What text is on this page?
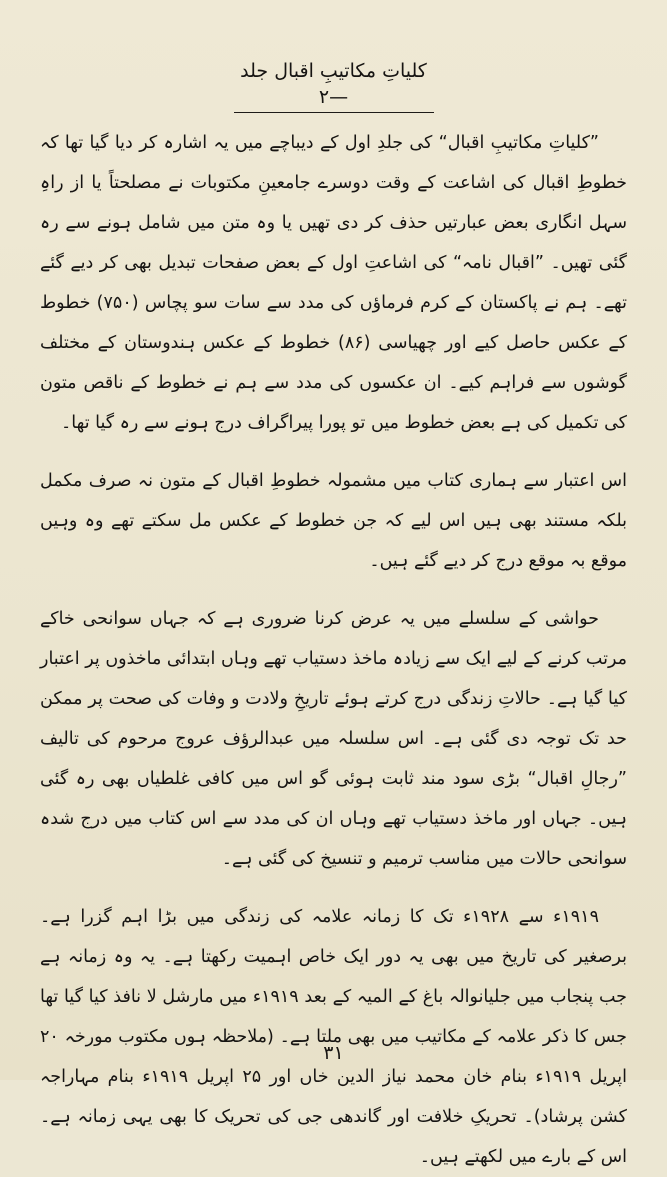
کلیاتِ مکاتیبِ اقبال جلد—۲

”کلیاتِ مکاتیبِ اقبال“ کی جلدِ اول کے دیباچے میں یہ اشارہ کر دیا گیا تھا کہ خطوطِ اقبال کی اشاعت کے وقت دوسرے جامعینِ مکتوبات نے مصلحتاً یا از راہِ سہل انگاری بعض عبارتیں حذف کر دی تھیں یا وہ متن میں شامل ہونے سے رہ گئی تھیں۔ ”اقبال نامہ“ کی اشاعتِ اول کے بعض صفحات تبدیل بھی کر دیے گئے تھے۔ ہم نے پاکستان کے کرم فرماؤں کی مدد سے سات سو پچاس (۷۵۰) خطوط کے عکس حاصل کیے اور چھیاسی (۸۶) خطوط کے عکس ہندوستان کے مختلف گوشوں سے فراہم کیے۔ ان عکسوں کی مدد سے ہم نے خطوط کے ناقص متون کی تکمیل کی ہے بعض خطوط میں تو پورا پیراگراف درج ہونے سے رہ گیا تھا۔

اس اعتبار سے ہماری کتاب میں مشمولہ خطوطِ اقبال کے متون نہ صرف مکمل بلکہ مستند بھی ہیں اس لیے کہ جن خطوط کے عکس مل سکتے تھے وہ وہیں موقع بہ موقع درج کر دیے گئے ہیں۔

حواشی کے سلسلے میں یہ عرض کرنا ضروری ہے کہ جہاں سوانحی خاکے مرتب کرنے کے لیے ایک سے زیادہ ماخذ دستیاب تھے وہاں ابتدائی ماخذوں پر اعتبار کیا گیا ہے۔ حالاتِ زندگی درج کرتے ہوئے تاریخِ ولادت و وفات کی صحت پر ممکن حد تک توجہ دی گئی ہے۔ اس سلسلہ میں عبدالرؤف عروج مرحوم کی تالیف ”رجالِ اقبال“ بڑی سود مند ثابت ہوئی گو اس میں کافی غلطیاں بھی رہ گئی ہیں۔ جہاں اور ماخذ دستیاب تھے وہاں ان کی مدد سے اس کتاب میں درج شدہ سوانحی حالات میں مناسب ترمیم و تنسیخ کی گئی ہے۔

۱۹۱۹ء سے ۱۹۲۸ء تک کا زمانہ علامہ کی زندگی میں بڑا اہم گزرا ہے۔ برصغیر کی تاریخ میں بھی یہ دور ایک خاص اہمیت رکھتا ہے۔ یہ وہ زمانہ ہے جب پنجاب میں جلیانوالہ باغ کے المیہ کے بعد ۱۹۱۹ء میں مارشل لا نافذ کیا گیا تھا جس کا ذکر علامہ کے مکاتیب میں بھی ملتا ہے۔ (ملاحظہ ہوں مکتوب مورخہ ۲۰ اپریل ۱۹۱۹ء بنام خان محمد نیاز الدین خاں اور ۲۵ اپریل ۱۹۱۹ء بنام مہاراجہ کشن پرشاد)۔ تحریکِ خلافت اور گاندھی جی کی تحریک کا بھی یہی زمانہ ہے۔ اس کے بارے میں لکھتے ہیں۔

۳۱
